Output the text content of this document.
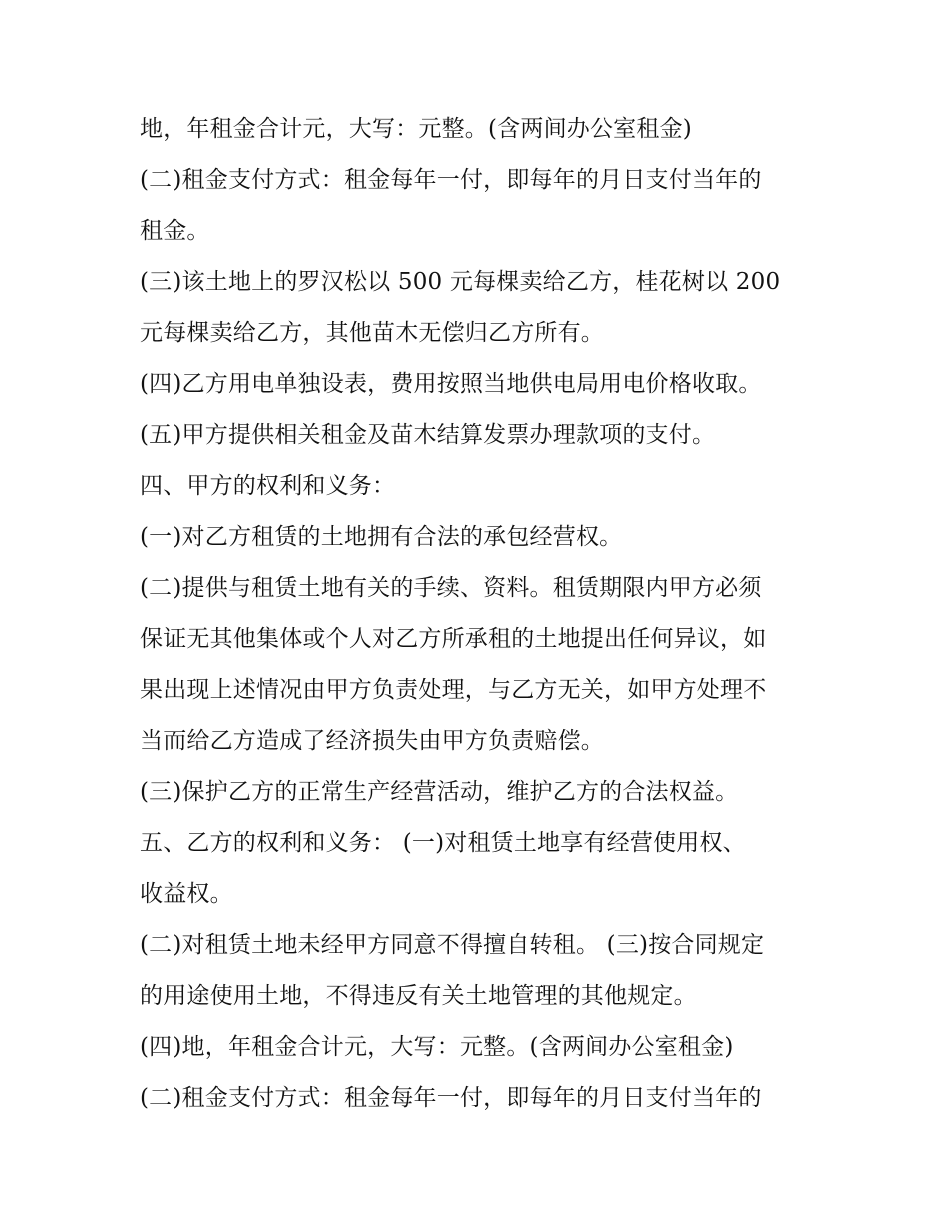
地，年租金合计元，大写：元整。(含两间办公室租金)
(二)租金支付方式：租金每年一付，即每年的月日支付当年的
租金。
(三)该土地上的罗汉松以 500 元每棵卖给乙方，桂花树以 200
元每棵卖给乙方，其他苗木无偿归乙方所有。
(四)乙方用电单独设表，费用按照当地供电局用电价格收取。
(五)甲方提供相关租金及苗木结算发票办理款项的支付。
四、甲方的权利和义务：
(一)对乙方租赁的土地拥有合法的承包经营权。
(二)提供与租赁土地有关的手续、资料。租赁期限内甲方必须
保证无其他集体或个人对乙方所承租的土地提出任何异议，如
果出现上述情况由甲方负责处理，与乙方无关，如甲方处理不
当而给乙方造成了经济损失由甲方负责赔偿。
(三)保护乙方的正常生产经营活动，维护乙方的合法权益。
五、乙方的权利和义务： (一)对租赁土地享有经营使用权、
收益权。
(二)对租赁土地未经甲方同意不得擅自转租。 (三)按合同规定
的用途使用土地，不得违反有关土地管理的其他规定。
(四)地，年租金合计元，大写：元整。(含两间办公室租金)
(二)租金支付方式：租金每年一付，即每年的月日支付当年的
